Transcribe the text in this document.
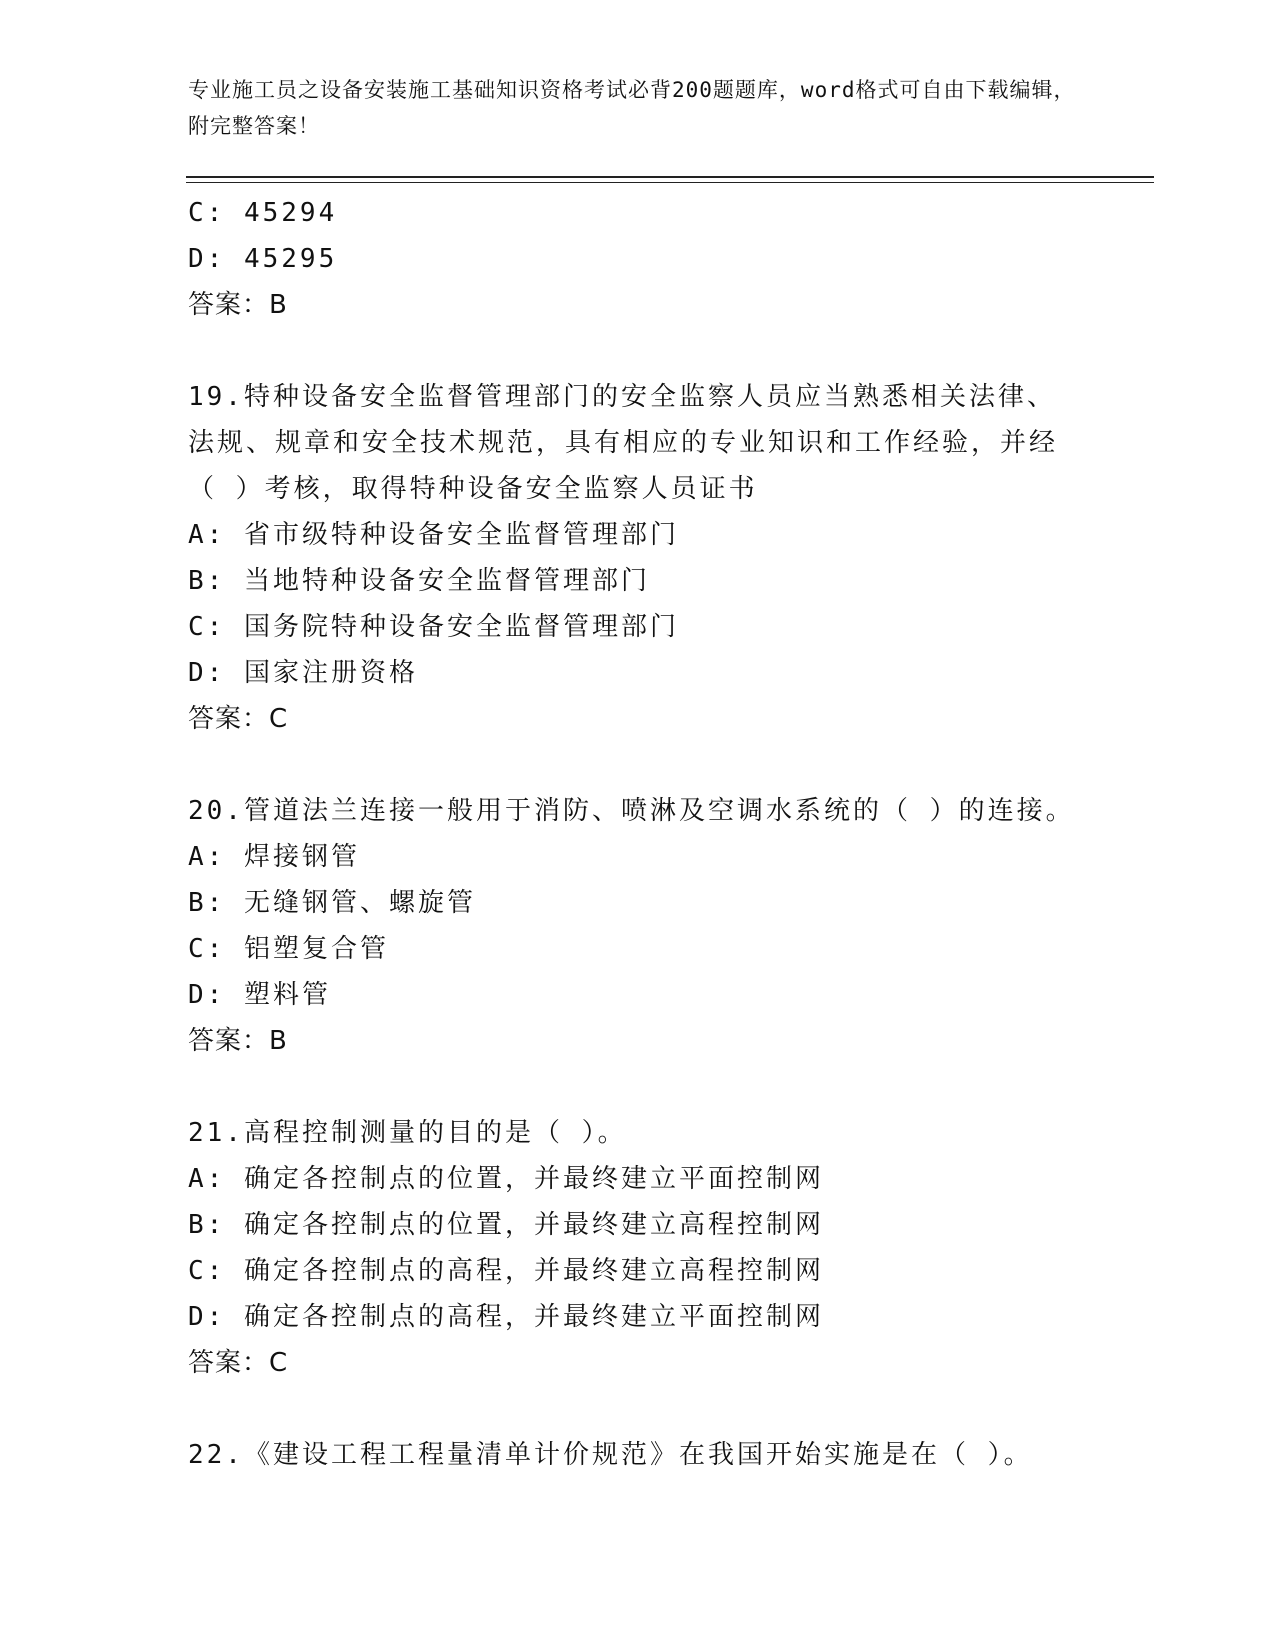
专业施工员之设备安装施工基础知识资格考试必背200题题库，word格式可自由下载编辑，附完整答案！
C: 45294
D: 45295
答案：B
19.特种设备安全监督管理部门的安全监察人员应当熟悉相关法律、法规、规章和安全技术规范，具有相应的专业知识和工作经验，并经（ ）考核，取得特种设备安全监察人员证书
A: 省市级特种设备安全监督管理部门
B: 当地特种设备安全监督管理部门
C: 国务院特种设备安全监督管理部门
D: 国家注册资格
答案：C
20.管道法兰连接一般用于消防、喷淋及空调水系统的（ ）的连接。
A: 焊接钢管
B: 无缝钢管、螺旋管
C: 铝塑复合管
D: 塑料管
答案：B
21.高程控制测量的目的是（ ）。
A: 确定各控制点的位置，并最终建立平面控制网
B: 确定各控制点的位置，并最终建立高程控制网
C: 确定各控制点的高程，并最终建立高程控制网
D: 确定各控制点的高程，并最终建立平面控制网
答案：C
22.《建设工程工程量清单计价规范》在我国开始实施是在（ ）。
